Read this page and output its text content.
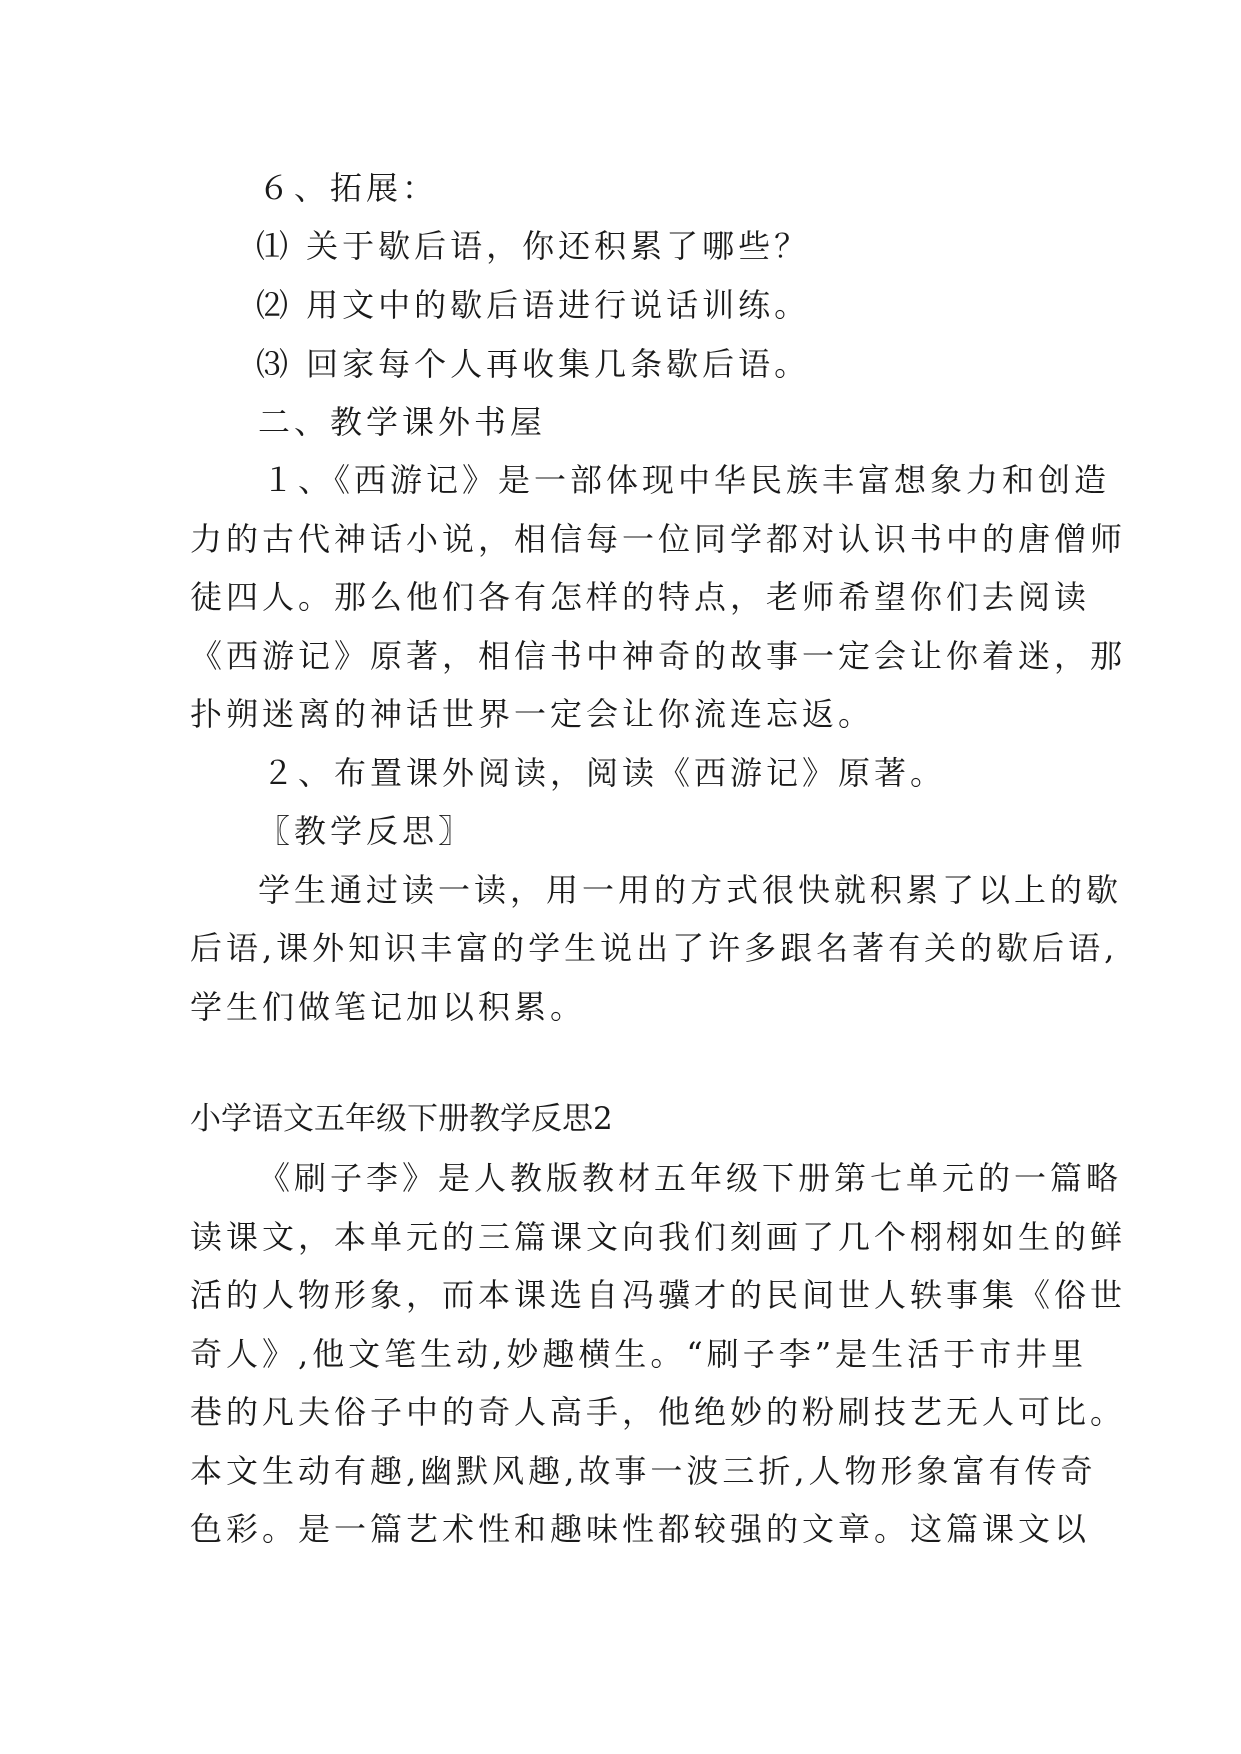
６、拓展：
⑴ 关于歇后语，你还积累了哪些？
⑵ 用文中的歇后语进行说话训练。
⑶ 回家每个人再收集几条歇后语。
二、教学课外书屋
１、《西游记》是一部体现中华民族丰富想象力和创造
力的古代神话小说，相信每一位同学都对认识书中的唐僧师
徒四人。那么他们各有怎样的特点，老师希望你们去阅读
《西游记》原著，相信书中神奇的故事一定会让你着迷，那
扑朔迷离的神话世界一定会让你流连忘返。
２、布置课外阅读，阅读《西游记》原著。
〖教学反思〗
学生通过读一读，用一用的方式很快就积累了以上的歇
后语,课外知识丰富的学生说出了许多跟名著有关的歇后语,
学生们做笔记加以积累。
小学语文五年级下册教学反思2
《刷子李》是人教版教材五年级下册第七单元的一篇略
读课文，本单元的三篇课文向我们刻画了几个栩栩如生的鲜
活的人物形象，而本课选自冯骥才的民间世人轶事集《俗世
奇人》,他文笔生动,妙趣横生。“刷子李”是生活于市井里
巷的凡夫俗子中的奇人高手，他绝妙的粉刷技艺无人可比。
本文生动有趣,幽默风趣,故事一波三折,人物形象富有传奇
色彩。是一篇艺术性和趣味性都较强的文章。这篇课文以
